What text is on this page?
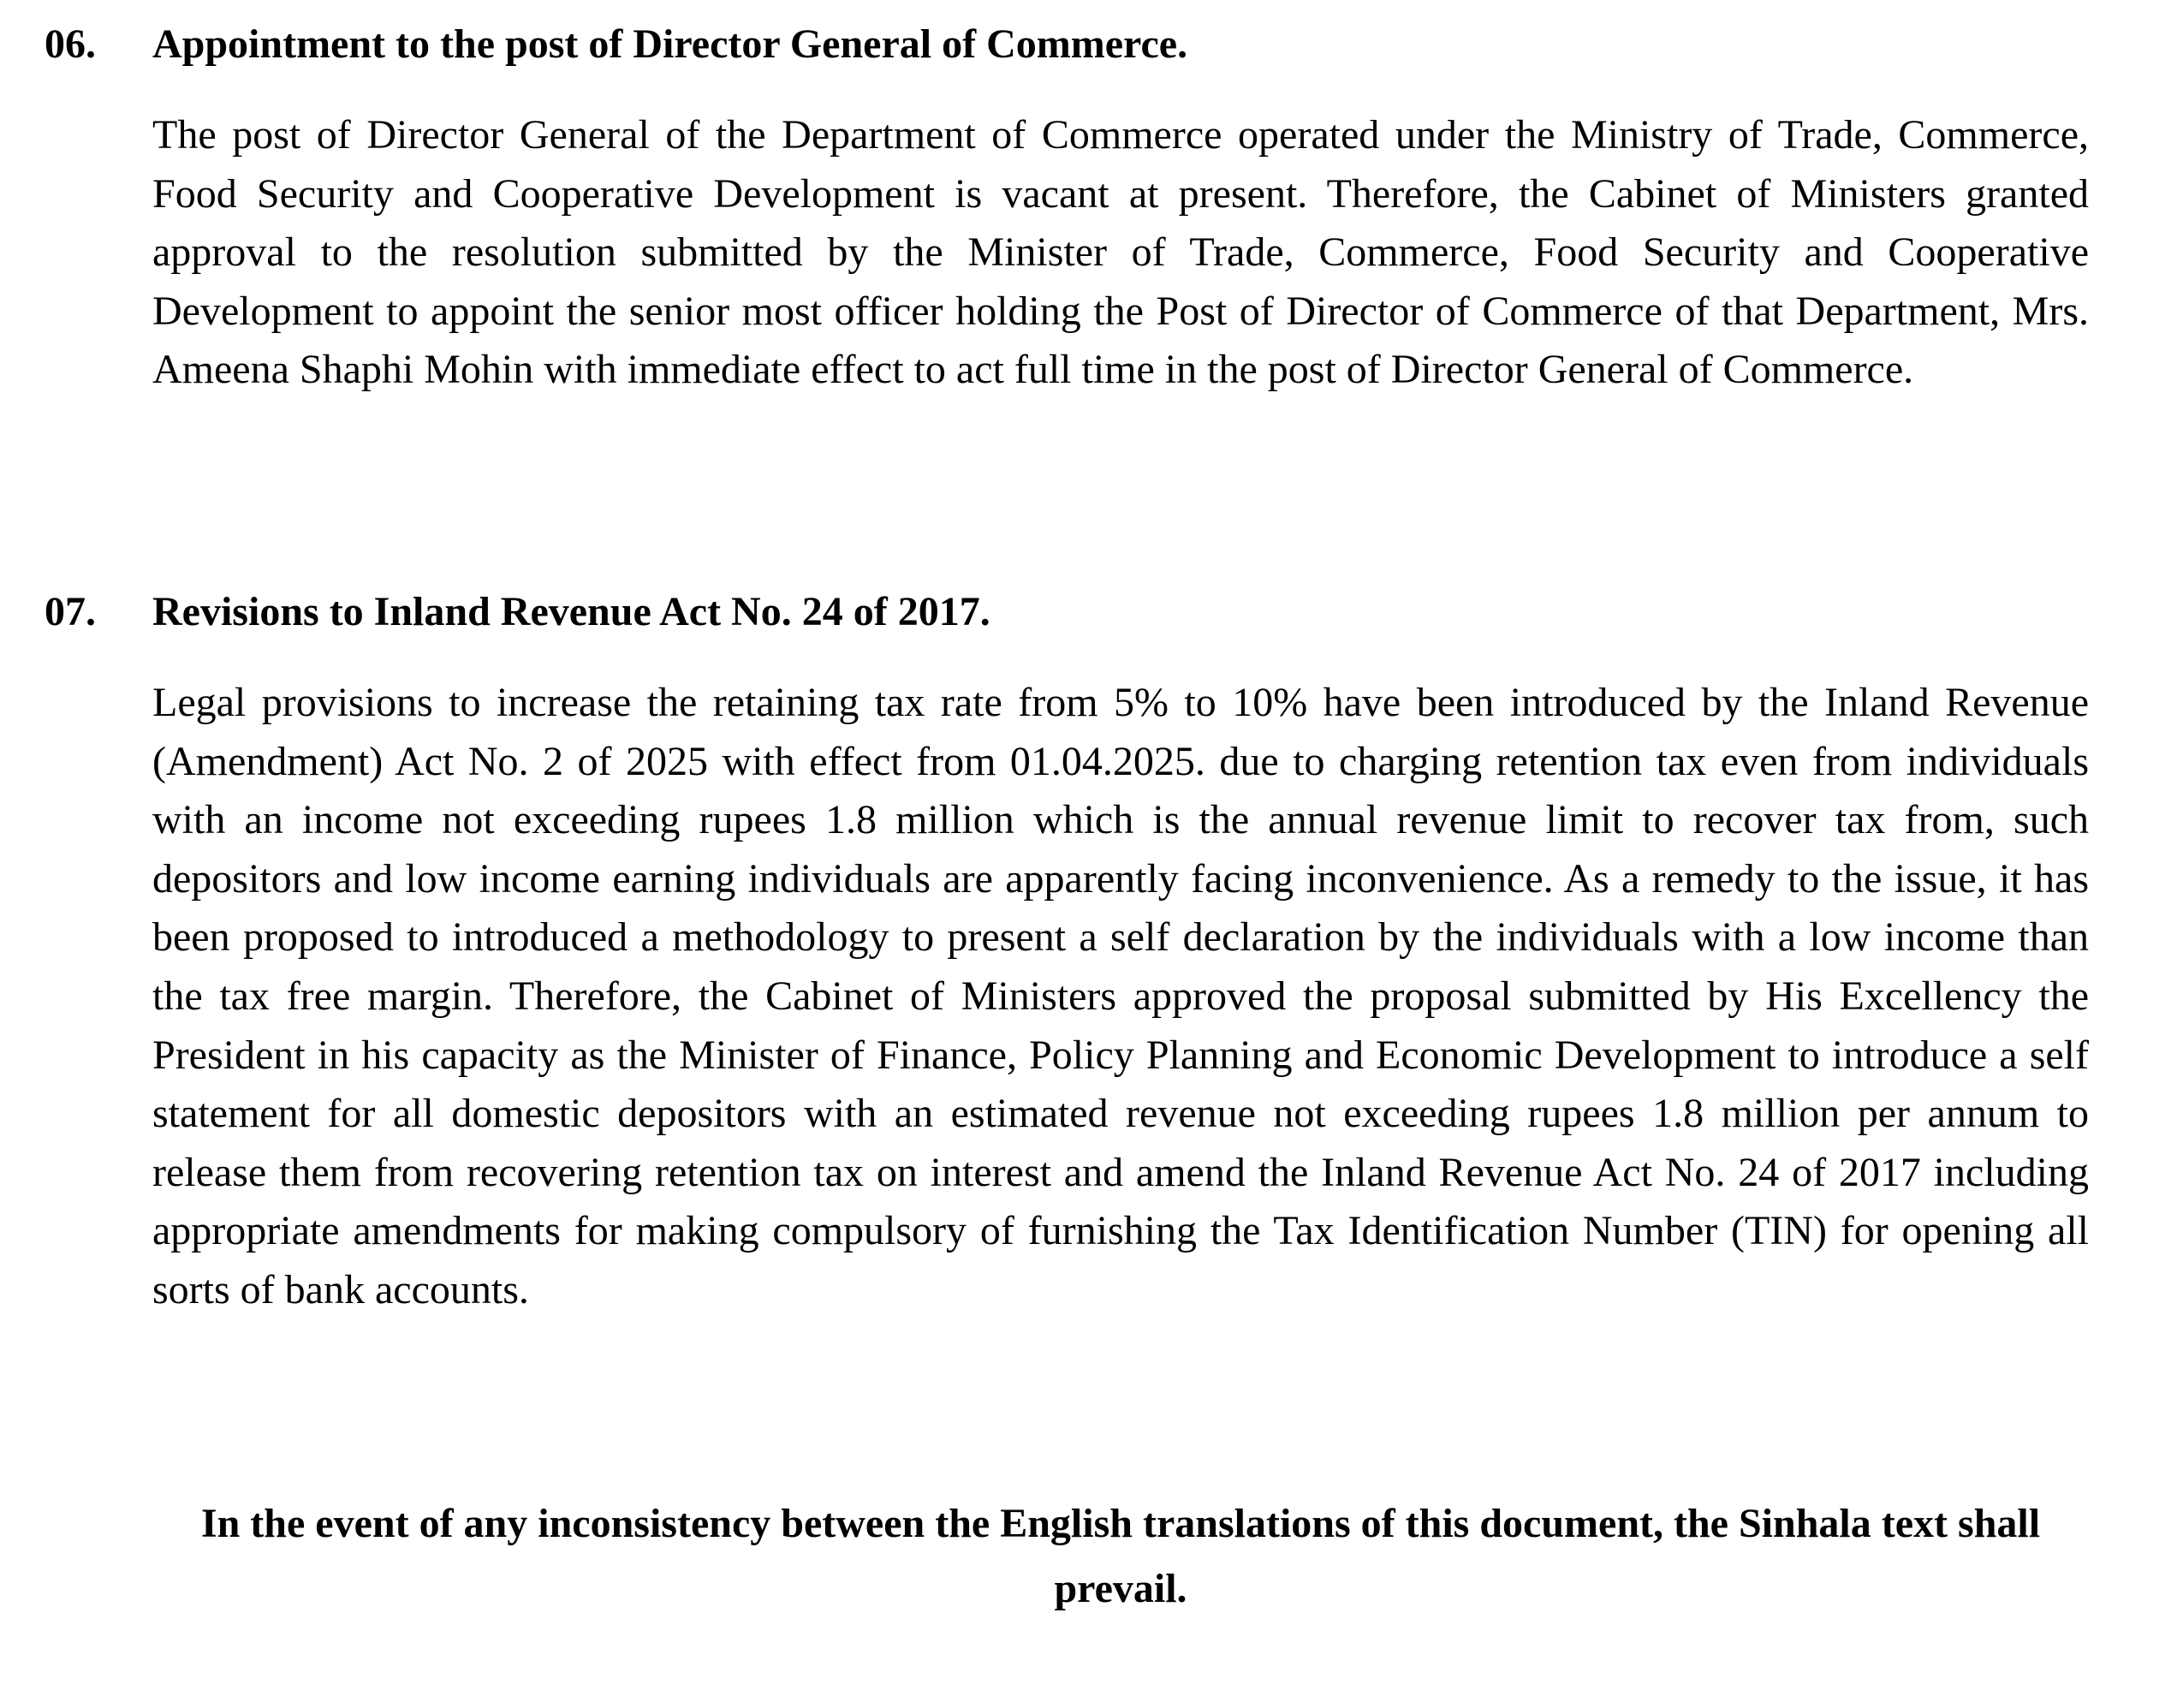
06.	Appointment to the post of Director General of Commerce.

The post of Director General of the Department of Commerce operated under the Ministry of Trade, Commerce, Food Security and Cooperative Development is vacant at present. Therefore, the Cabinet of Ministers granted approval to the resolution submitted by the Minister of Trade, Commerce, Food Security and Cooperative Development to appoint the senior most officer holding the Post of Director of Commerce of that Department, Mrs. Ameena Shaphi Mohin with immediate effect to act full time in the post of Director General of Commerce.

07.	Revisions to Inland Revenue Act No. 24 of 2017.

Legal provisions to increase the retaining tax rate from 5% to 10% have been introduced by the Inland Revenue (Amendment) Act No. 2 of 2025 with effect from 01.04.2025. due to charging retention tax even from individuals with an income not exceeding rupees 1.8 million which is the annual revenue limit to recover tax from, such depositors and low income earning individuals are apparently facing inconvenience. As a remedy to the issue, it has been proposed to introduced a methodology to present a self declaration by the individuals with a low income than the tax free margin. Therefore, the Cabinet of Ministers approved the proposal submitted by His Excellency the President in his capacity as the Minister of Finance, Policy Planning and Economic Development to introduce a self statement for all domestic depositors with an estimated revenue not exceeding rupees 1.8 million per annum to release them from recovering retention tax on interest and amend the Inland Revenue Act No. 24 of 2017 including appropriate amendments for making compulsory of furnishing the Tax Identification Number (TIN) for opening all sorts of bank accounts.

In the event of any inconsistency between the English translations of this document, the Sinhala text shall prevail.
